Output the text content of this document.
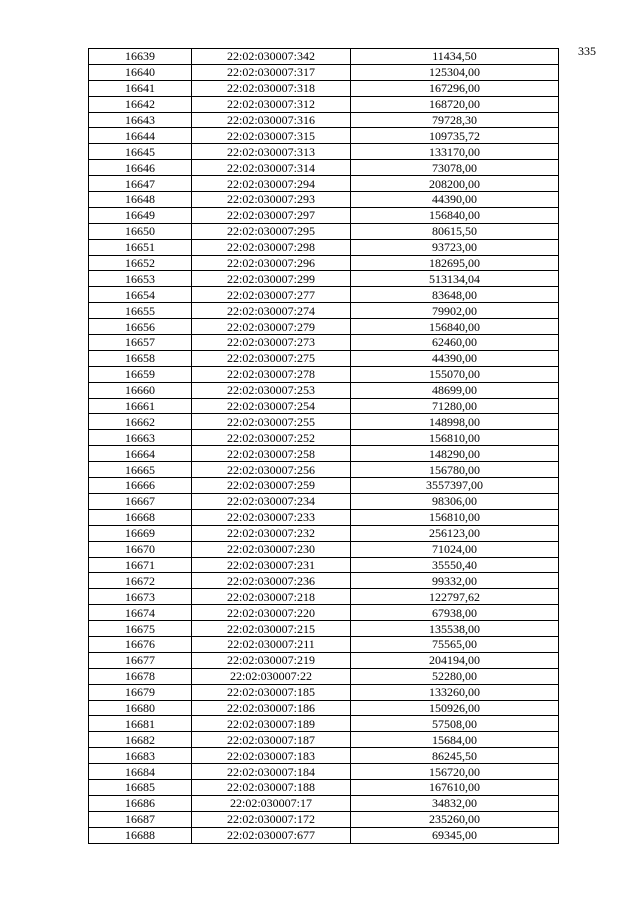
335
16639	22:02:030007:342	11434,50
16640	22:02:030007:317	125304,00
16641	22:02:030007:318	167296,00
16642	22:02:030007:312	168720,00
16643	22:02:030007:316	79728,30
16644	22:02:030007:315	109735,72
16645	22:02:030007:313	133170,00
16646	22:02:030007:314	73078,00
16647	22:02:030007:294	208200,00
16648	22:02:030007:293	44390,00
16649	22:02:030007:297	156840,00
16650	22:02:030007:295	80615,50
16651	22:02:030007:298	93723,00
16652	22:02:030007:296	182695,00
16653	22:02:030007:299	513134,04
16654	22:02:030007:277	83648,00
16655	22:02:030007:274	79902,00
16656	22:02:030007:279	156840,00
16657	22:02:030007:273	62460,00
16658	22:02:030007:275	44390,00
16659	22:02:030007:278	155070,00
16660	22:02:030007:253	48699,00
16661	22:02:030007:254	71280,00
16662	22:02:030007:255	148998,00
16663	22:02:030007:252	156810,00
16664	22:02:030007:258	148290,00
16665	22:02:030007:256	156780,00
16666	22:02:030007:259	3557397,00
16667	22:02:030007:234	98306,00
16668	22:02:030007:233	156810,00
16669	22:02:030007:232	256123,00
16670	22:02:030007:230	71024,00
16671	22:02:030007:231	35550,40
16672	22:02:030007:236	99332,00
16673	22:02:030007:218	122797,62
16674	22:02:030007:220	67938,00
16675	22:02:030007:215	135538,00
16676	22:02:030007:211	75565,00
16677	22:02:030007:219	204194,00
16678	22:02:030007:22	52280,00
16679	22:02:030007:185	133260,00
16680	22:02:030007:186	150926,00
16681	22:02:030007:189	57508,00
16682	22:02:030007:187	15684,00
16683	22:02:030007:183	86245,50
16684	22:02:030007:184	156720,00
16685	22:02:030007:188	167610,00
16686	22:02:030007:17	34832,00
16687	22:02:030007:172	235260,00
16688	22:02:030007:677	69345,00
